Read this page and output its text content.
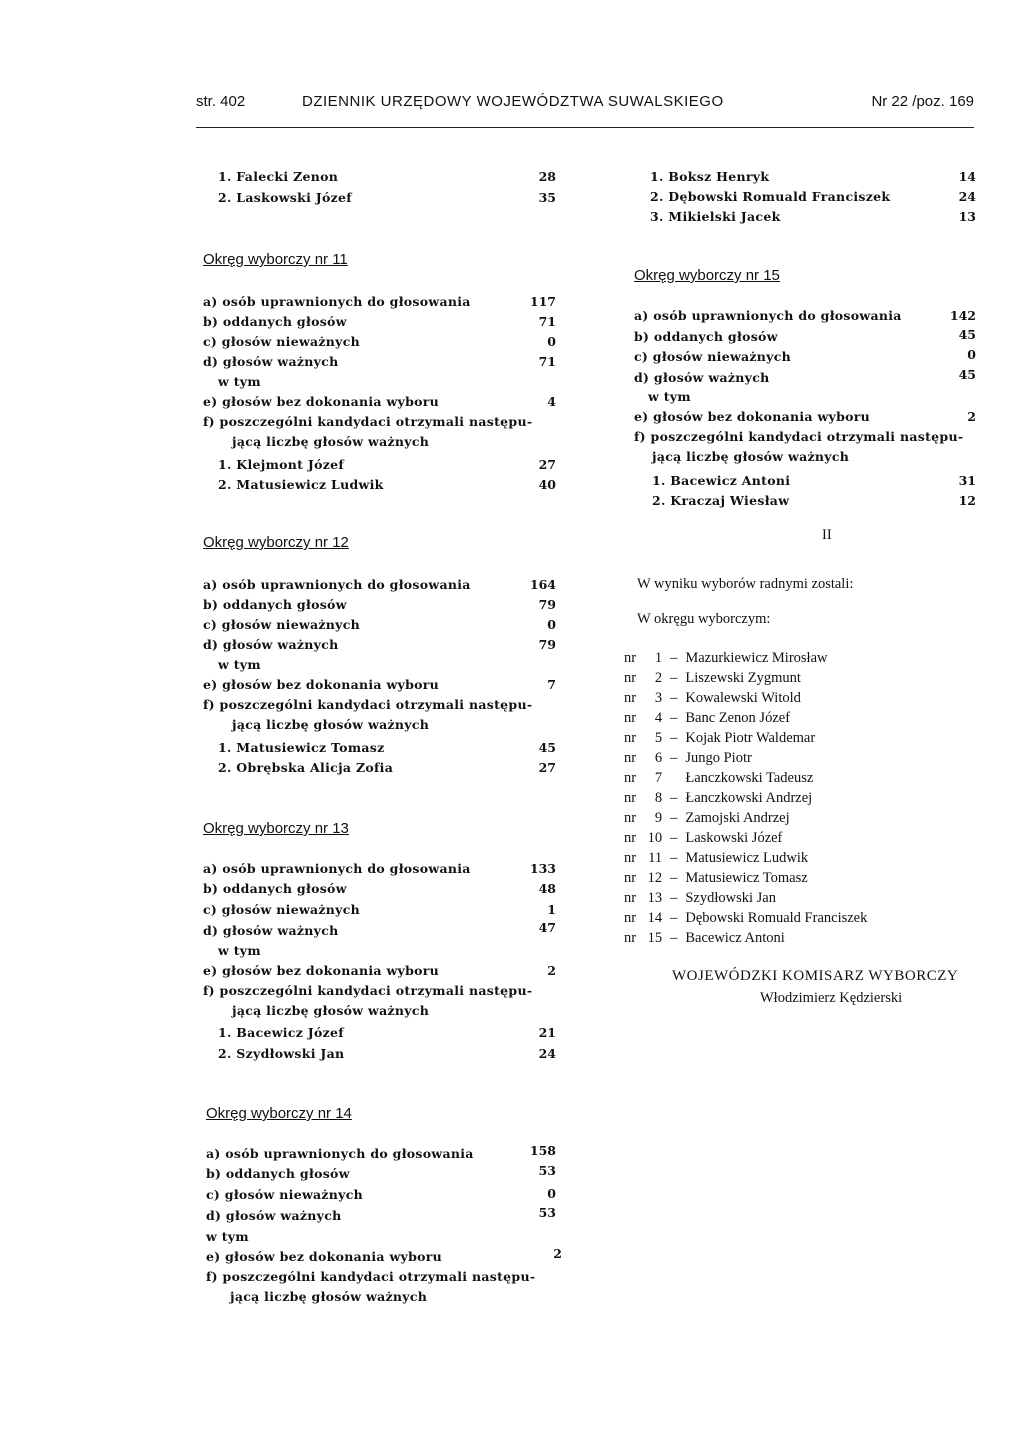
str. 402	DZIENNIK URZĘDOWY WOJEWÓDZTWA SUWALSKIEGO	Nr 22 /poz. 169
1. Falecki Zenon	28
2. Laskowski Józef	35
1. Boksz Henryk	14
2. Dębowski Romuald Franciszek	24
3. Mikielski Jacek	13
Okręg wyborczy nr 11
a) osób uprawnionych do głosowania	117
b) oddanych głosów	71
c) głosów nieważnych	0
d) głosów ważnych	71
w tym
e) głosów bez dokonania wyboru	4
f) poszczególni kandydaci otrzymali następu-
jącą liczbę głosów ważnych
1. Klejmont Józef	27
2. Matusiewicz Ludwik	40
Okręg wyborczy nr 12
a) osób uprawnionych do głosowania	164
b) oddanych głosów	79
c) głosów nieważnych	0
d) głosów ważnych	79
w tym
e) głosów bez dokonania wyboru	7
f) poszczególni kandydaci otrzymali następu-
jącą liczbę głosów ważnych
1. Matusiewicz Tomasz	45
2. Obrębska Alicja Zofia	27
Okręg wyborczy nr 13
a) osób uprawnionych do głosowania	133
b) oddanych głosów	48
c) głosów nieważnych	1
d) głosów ważnych	47
w tym
e) głosów bez dokonania wyboru	2
f) poszczególni kandydaci otrzymali następu-
jącą liczbę głosów ważnych
1. Bacewicz Józef	21
2. Szydłowski Jan	24
Okręg wyborczy nr 14
a) osób uprawnionych do głosowania	158
b) oddanych głosów	53
c) głosów nieważnych	0
d) głosów ważnych	53
w tym
e) głosów bez dokonania wyboru	2
f) poszczególni kandydaci otrzymali następu-
jącą liczbę głosów ważnych
Okręg wyborczy nr 15
a) osób uprawnionych do głosowania	142
b) oddanych głosów	45
c) głosów nieważnych	0
d) głosów ważnych	45
w tym
e) głosów bez dokonania wyboru	2
f) poszczególni kandydaci otrzymali następu-
jącą liczbę głosów ważnych
1. Bacewicz Antoni	31
2. Kraczaj Wiesław	12
II
W wyniku wyborów radnymi zostali:
W okręgu wyborczym:
nr 1 – Mazurkiewicz Mirosław
nr 2 – Liszewski Zygmunt
nr 3 – Kowalewski Witold
nr 4 – Banc Zenon Józef
nr 5 – Kojak Piotr Waldemar
nr 6 – Jungo Piotr
nr 7 Łanczkowski Tadeusz
nr 8 – Łanczkowski Andrzej
nr 9 – Zamojski Andrzej
nr 10 – Laskowski Józef
nr 11 – Matusiewicz Ludwik
nr 12 – Matusiewicz Tomasz
nr 13 – Szydłowski Jan
nr 14 – Dębowski Romuald Franciszek
nr 15 – Bacewicz Antoni
WOJEWÓDZKI KOMISARZ WYBORCZY
Włodzimierz Kędzierski
